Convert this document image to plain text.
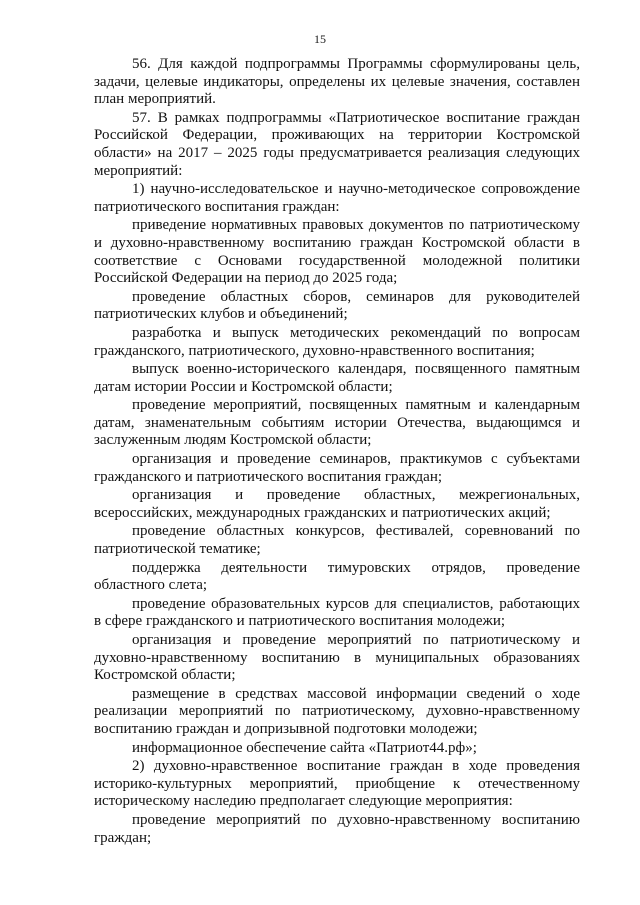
15

56. Для каждой подпрограммы Программы сформулированы цель, задачи, целевые индикаторы, определены их целевые значения, составлен план мероприятий.

57. В рамках подпрограммы «Патриотическое воспитание граждан Российской Федерации, проживающих на территории Костромской области» на 2017 – 2025 годы предусматривается реализация следующих мероприятий:

1) научно-исследовательское и научно-методическое сопровождение патриотического воспитания граждан:

приведение нормативных правовых документов по патриотическому и духовно-нравственному воспитанию граждан Костромской области в соответствие с Основами государственной молодежной политики Российской Федерации на период до 2025 года;

проведение областных сборов, семинаров для руководителей патриотических клубов и объединений;

разработка и выпуск методических рекомендаций по вопросам гражданского, патриотического, духовно-нравственного воспитания;

выпуск военно-исторического календаря, посвященного памятным датам истории России и Костромской области;

проведение мероприятий, посвященных памятным и календарным датам, знаменательным событиям истории Отечества, выдающимся и заслуженным людям Костромской области;

организация и проведение семинаров, практикумов с субъектами гражданского и патриотического воспитания граждан;

организация и проведение областных, межрегиональных, всероссийских, международных гражданских и патриотических акций;

проведение областных конкурсов, фестивалей, соревнований по патриотической тематике;

поддержка деятельности тимуровских отрядов, проведение областного слета;

проведение образовательных курсов для специалистов, работающих в сфере гражданского и патриотического воспитания молодежи;

организация и проведение мероприятий по патриотическому и духовно-нравственному воспитанию в муниципальных образованиях Костромской области;

размещение в средствах массовой информации сведений о ходе реализации мероприятий по патриотическому, духовно-нравственному воспитанию граждан и допризывной подготовки молодежи;

информационное обеспечение сайта «Патриот44.рф»;

2) духовно-нравственное воспитание граждан в ходе проведения историко-культурных мероприятий, приобщение к отечественному историческому наследию предполагает следующие мероприятия:

проведение мероприятий по духовно-нравственному воспитанию граждан;
